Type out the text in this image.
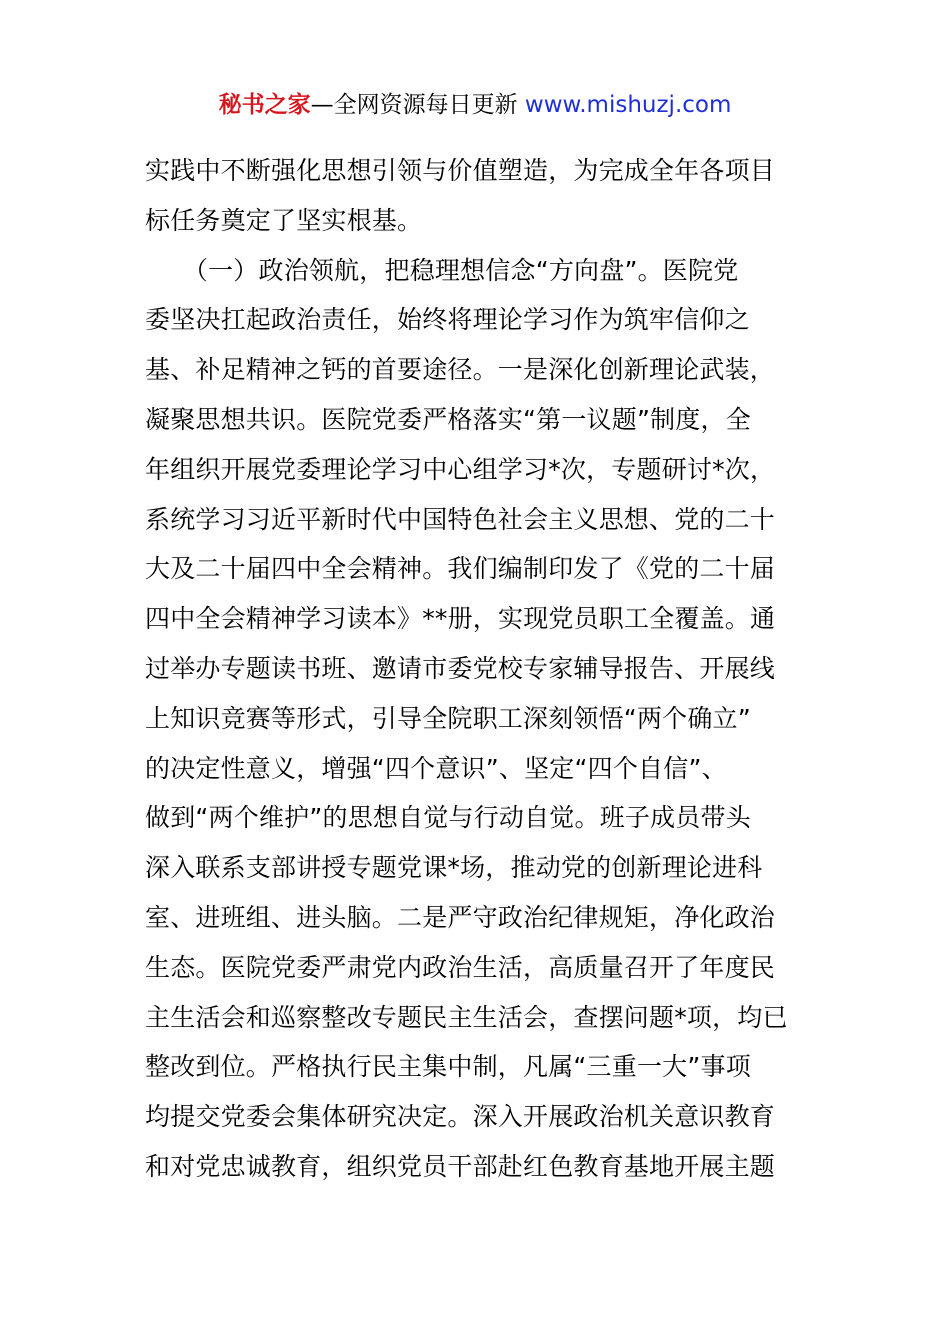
秘书之家—全网资源每日更新 www.mishuzj.com
实践中不断强化思想引领与价值塑造，为完成全年各项目
标任务奠定了坚实根基。
　　（一）政治领航，把稳理想信念“方向盘”。医院党
委坚决扛起政治责任，始终将理论学习作为筑牢信仰之
基、补足精神之钙的首要途径。一是深化创新理论武装，
凝聚思想共识。医院党委严格落实“第一议题”制度，全
年组织开展党委理论学习中心组学习*次，专题研讨*次，
系统学习习近平新时代中国特色社会主义思想、党的二十
大及二十届四中全会精神。我们编制印发了《党的二十届
四中全会精神学习读本》**册，实现党员职工全覆盖。通
过举办专题读书班、邀请市委党校专家辅导报告、开展线
上知识竞赛等形式，引导全院职工深刻领悟“两个确立”
的决定性意义，增强“四个意识”、坚定“四个自信”、
做到“两个维护”的思想自觉与行动自觉。班子成员带头
深入联系支部讲授专题党课*场，推动党的创新理论进科
室、进班组、进头脑。二是严守政治纪律规矩，净化政治
生态。医院党委严肃党内政治生活，高质量召开了年度民
主生活会和巡察整改专题民主生活会，查摆问题*项，均已
整改到位。严格执行民主集中制，凡属“三重一大”事项
均提交党委会集体研究决定。深入开展政治机关意识教育
和对党忠诚教育，组织党员干部赴红色教育基地开展主题
